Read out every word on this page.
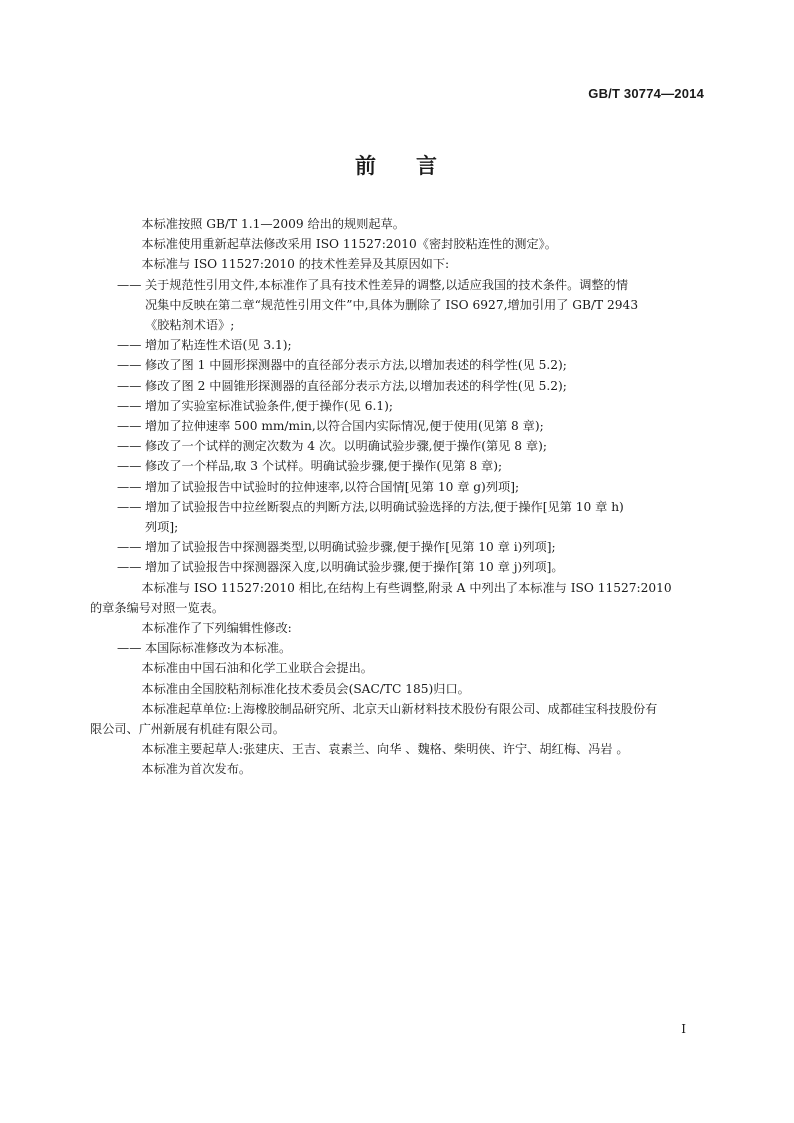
GB/T 30774—2014
前 言

本标准按照 GB/T 1.1—2009 给出的规则起草。

本标准使用重新起草法修改采用 ISO 11527:2010《密封胶粘连性的测定》。

本标准与 ISO 11527:2010 的技术性差异及其原因如下:

—— 关于规范性引用文件,本标准作了具有技术性差异的调整,以适应我国的技术条件。调整的情
况集中反映在第二章“规范性引用文件”中,具体为删除了 ISO 6927,增加引用了 GB/T 2943
《胶粘剂术语》;
—— 增加了粘连性术语(见 3.1);
—— 修改了图 1 中圆形探测器中的直径部分表示方法,以增加表述的科学性(见 5.2);
—— 修改了图 2 中圆锥形探测器的直径部分表示方法,以增加表述的科学性(见 5.2);
—— 增加了实验室标准试验条件,便于操作(见 6.1);
—— 增加了拉伸速率 500 mm/min,以符合国内实际情况,便于使用(见第 8 章);
—— 修改了一个试样的测定次数为 4 次。以明确试验步骤,便于操作(第见 8 章);
—— 修改了一个样品,取 3 个试样。明确试验步骤,便于操作(见第 8 章);
—— 增加了试验报告中试验时的拉伸速率,以符合国情[见第 10 章 g)列项];
—— 增加了试验报告中拉丝断裂点的判断方法,以明确试验选择的方法,便于操作[见第 10 章 h)
列项];
—— 增加了试验报告中探测器类型,以明确试验步骤,便于操作[见第 10 章 i)列项];
—— 增加了试验报告中探测器深入度,以明确试验步骤,便于操作[第 10 章 j)列项]。

本标准与 ISO 11527:2010 相比,在结构上有些调整,附录 A 中列出了本标准与 ISO 11527:2010

的章条编号对照一览表。

本标准作了下列编辑性修改:

—— 本国际标准修改为本标准。

本标准由中国石油和化学工业联合会提出。

本标准由全国胶粘剂标准化技术委员会(SAC/TC 185)归口。

本标准起草单位:上海橡胶制品研究所、北京天山新材料技术股份有限公司、成都硅宝科技股份有

限公司、广州新展有机硅有限公司。

本标准主要起草人:张建庆、王吉、袁素兰、向华 、魏格、柴明侠、许宁、胡红梅、冯岩 。

本标准为首次发布。

I
